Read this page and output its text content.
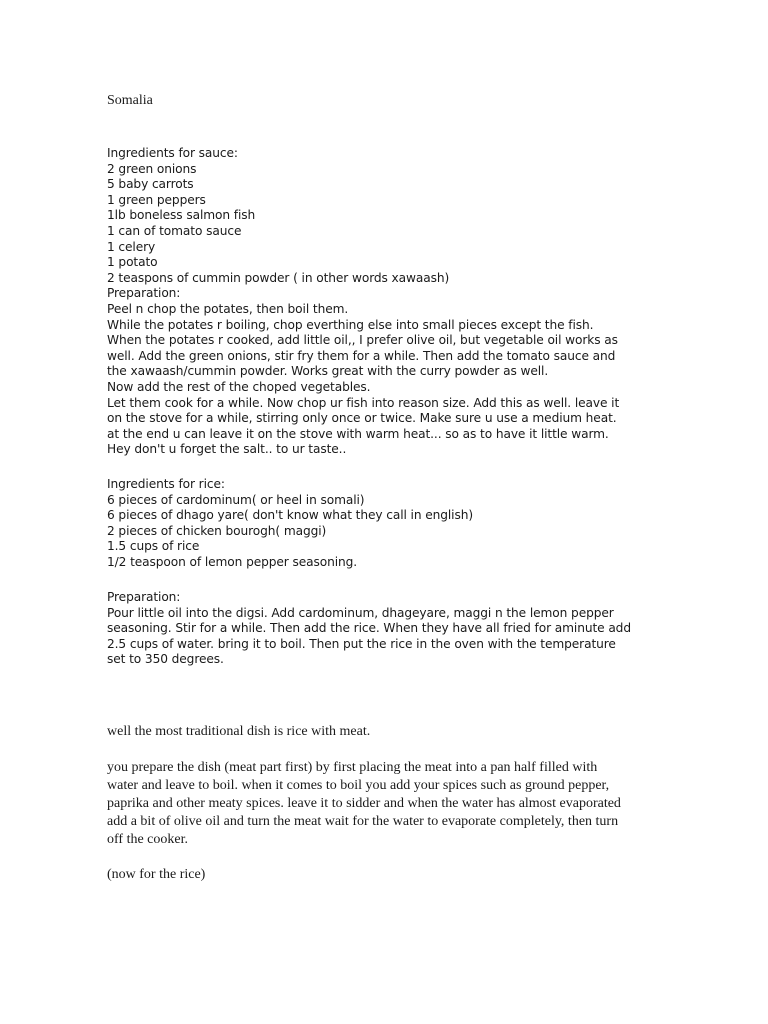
Somalia

Ingredients for sauce:

2 green onions

5 baby carrots

1 green peppers

1lb boneless salmon fish

1 can of tomato sauce

1 celery

1 potato

2 teaspons of cummin powder ( in other words xawaash)

Preparation:

Peel n chop the potates, then boil them.

While the potates r boiling, chop everthing else into small pieces except the fish.

When the potates r cooked, add little oil,, I prefer olive oil, but vegetable oil works as

well. Add the green onions, stir fry them for a while. Then add the tomato sauce and

the xawaash/cummin powder. Works great with the curry powder as well.

Now add the rest of the choped vegetables.

Let them cook for a while. Now chop ur fish into reason size. Add this as well. leave it

on the stove for a while, stirring only once or twice. Make sure u use a medium heat.

at the end u can leave it on the stove with warm heat... so as to have it little warm.

Hey don't u forget the salt.. to ur taste..

Ingredients for rice:

6 pieces of cardominum( or heel in somali)

6 pieces of dhago yare( don't know what they call in english)

2 pieces of chicken bourogh( maggi)

1.5 cups of rice

1/2 teaspoon of lemon pepper seasoning.

Preparation:

Pour little oil into the digsi. Add cardominum, dhageyare, maggi n the lemon pepper

seasoning. Stir for a while. Then add the rice. When they have all fried for aminute add

2.5 cups of water. bring it to boil. Then put the rice in the oven with the temperature

set to 350 degrees.

well the most traditional dish is rice with meat.

you prepare the dish (meat part first) by first placing the meat into a pan half filled with

water and leave to boil. when it comes to boil you add your spices such as ground pepper,

paprika and other meaty spices. leave it to sidder and when the water has almost evaporated

add a bit of olive oil and turn the meat wait for the water to evaporate completely, then turn

off the cooker.

(now for the rice)
